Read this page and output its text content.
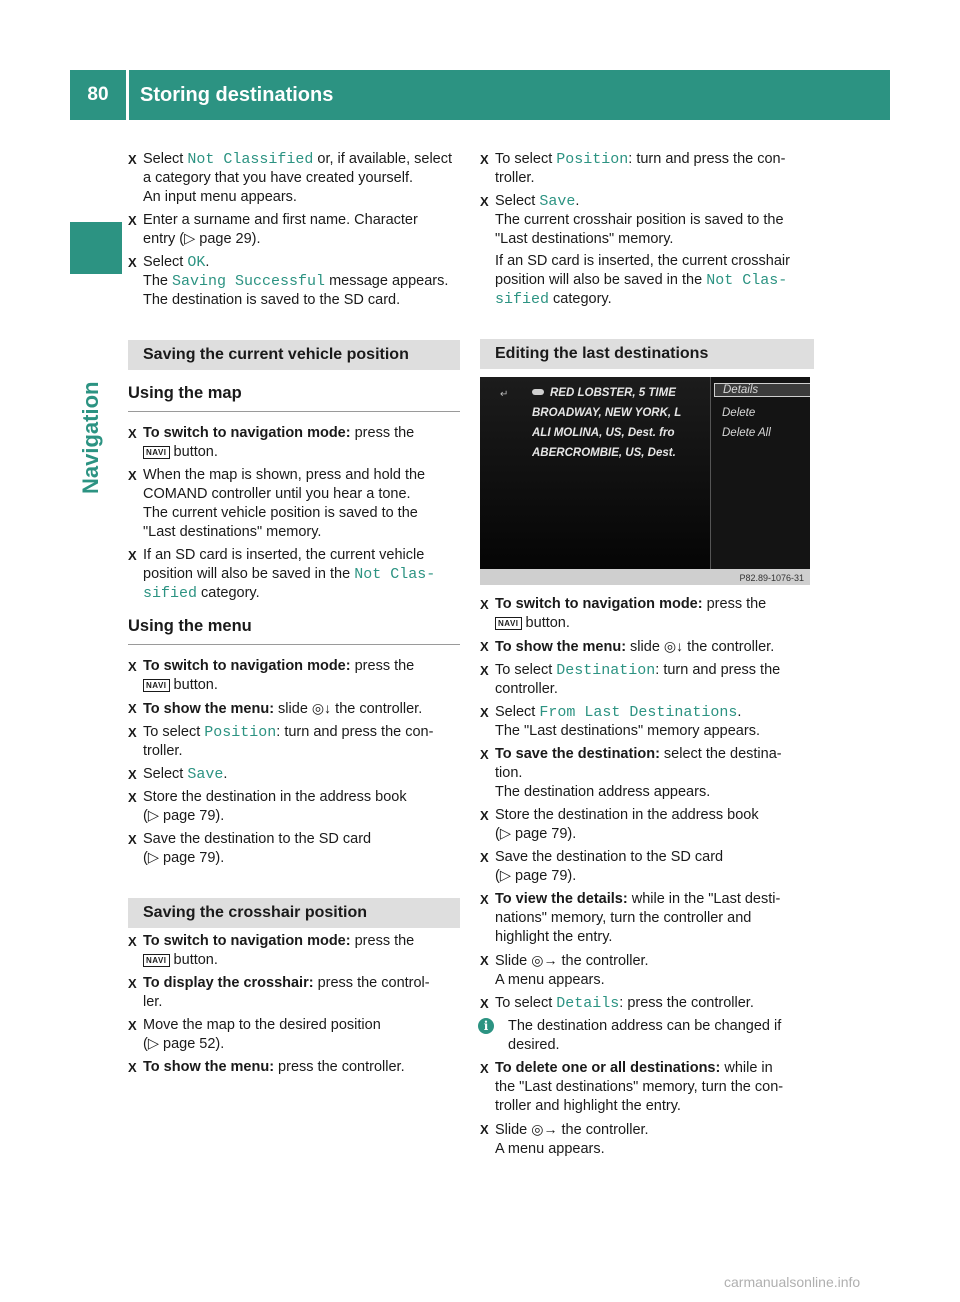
80	Storing destinations
Navigation
X Select Not Classified or, if available, select
a category that you have created yourself.
An input menu appears.
X Enter a surname and first name. Character
entry (▷ page 29).
X Select OK.
The Saving Successful message appears.
The destination is saved to the SD card.
Saving the current vehicle position
Using the map
X To switch to navigation mode: press the
NAVI button.
X When the map is shown, press and hold the
COMAND controller until you hear a tone.
The current vehicle position is saved to the
"Last destinations" memory.
X If an SD card is inserted, the current vehicle
position will also be saved in the Not Clas‐
sified category.
Using the menu
X To switch to navigation mode: press the
NAVI button.
X To show the menu: slide ◎↓ the controller.
X To select Position: turn and press the con-
troller.
X Select Save.
X Store the destination in the address book
(▷ page 79).
X Save the destination to the SD card
(▷ page 79).
Saving the crosshair position
X To switch to navigation mode: press the
NAVI button.
X To display the crosshair: press the control-
ler.
X Move the map to the desired position
(▷ page 52).
X To show the menu: press the controller.
X To select Position: turn and press the con-
troller.
X Select Save.
The current crosshair position is saved to the
"Last destinations" memory.
If an SD card is inserted, the current crosshair
position will also be saved in the Not Clas‐
sified category.
Editing the last destinations
↵	RED LOBSTER, 5 TIME
BROADWAY, NEW YORK, L
ALI MOLINA, US, Dest. fro
ABERCROMBIE, US, Dest.
Details
Delete
Delete All
P82.89-1076-31
X To switch to navigation mode: press the
NAVI button.
X To show the menu: slide ◎↓ the controller.
X To select Destination: turn and press the
controller.
X Select From Last Destinations.
The "Last destinations" memory appears.
X To save the destination: select the destina-
tion.
The destination address appears.
X Store the destination in the address book
(▷ page 79).
X Save the destination to the SD card
(▷ page 79).
X To view the details: while in the "Last desti-
nations" memory, turn the controller and
highlight the entry.
X Slide ◎→ the controller.
A menu appears.
X To select Details: press the controller.
i	The destination address can be changed if
desired.
X To delete one or all destinations: while in
the "Last destinations" memory, turn the con-
troller and highlight the entry.
X Slide ◎→ the controller.
A menu appears.
carmanualsonline.info
